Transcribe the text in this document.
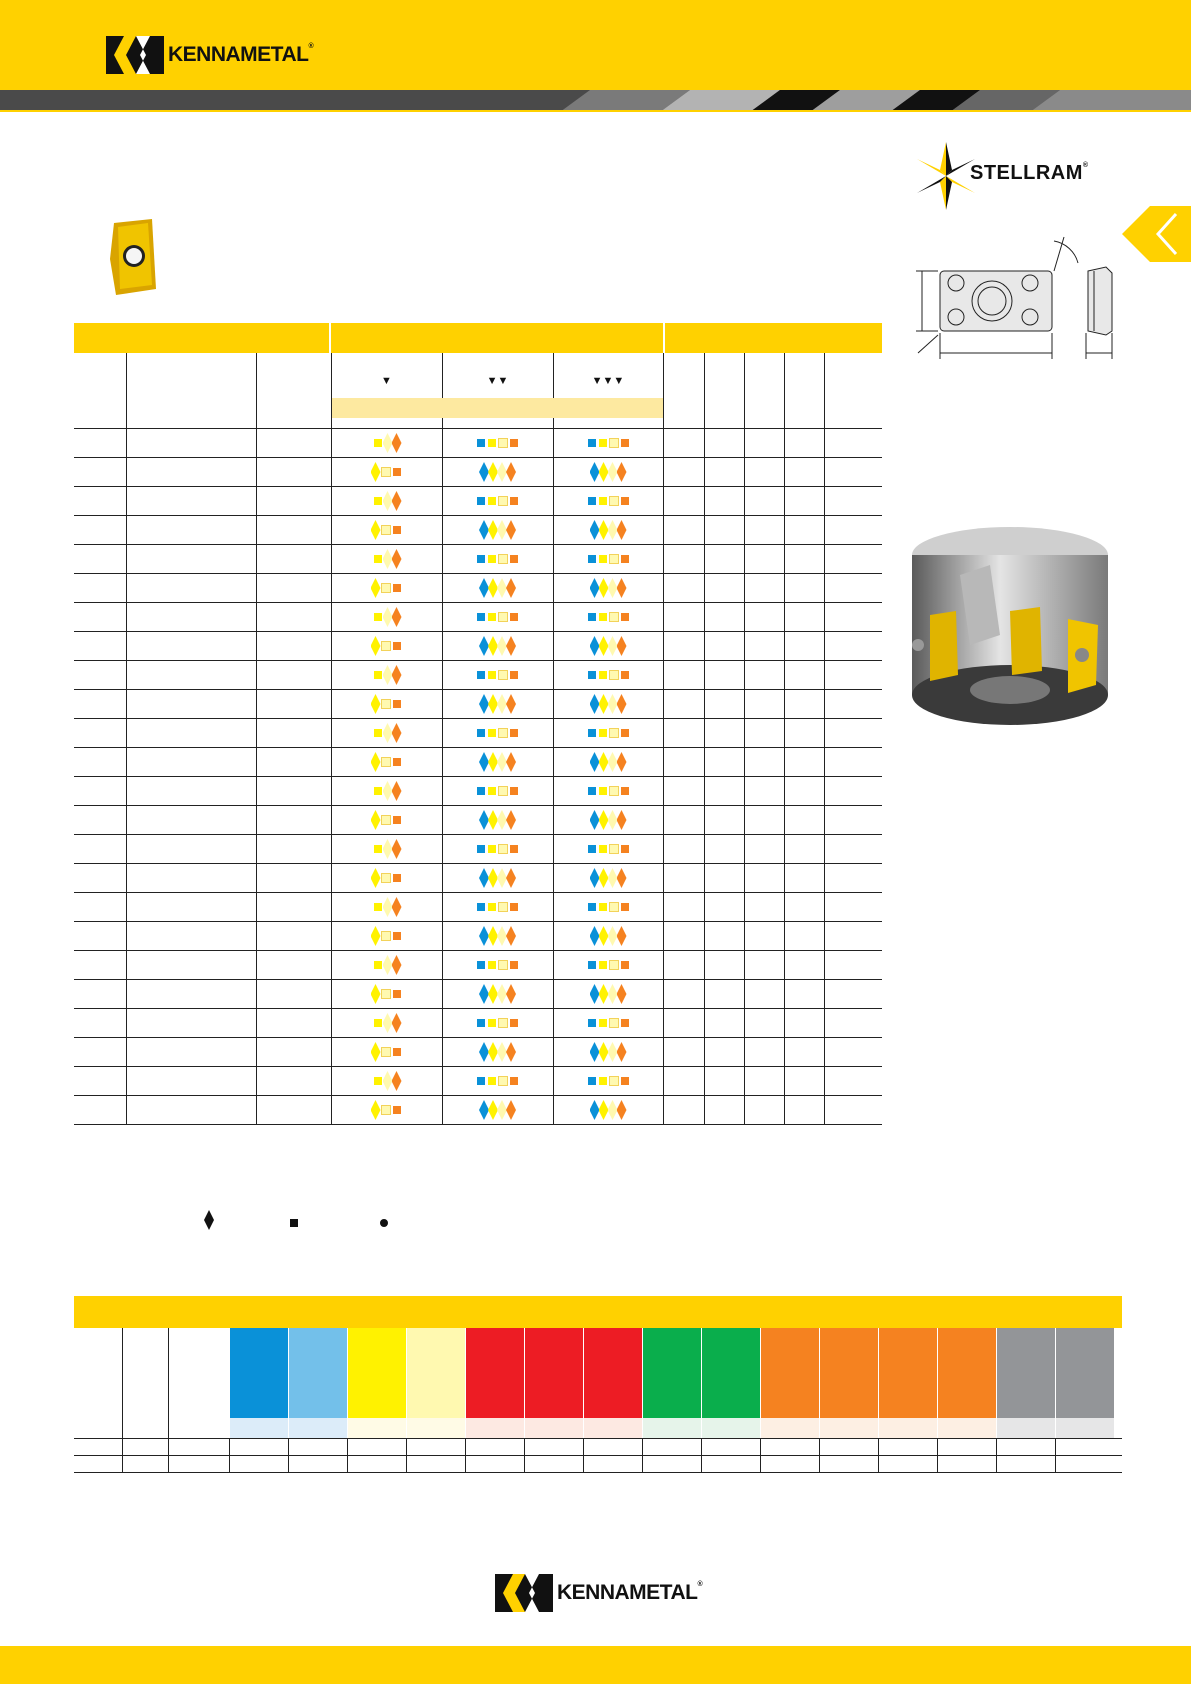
KENNAMETAL®
STELLRAM®
▼	▼▼	▼▼▼
KENNAMETAL®
